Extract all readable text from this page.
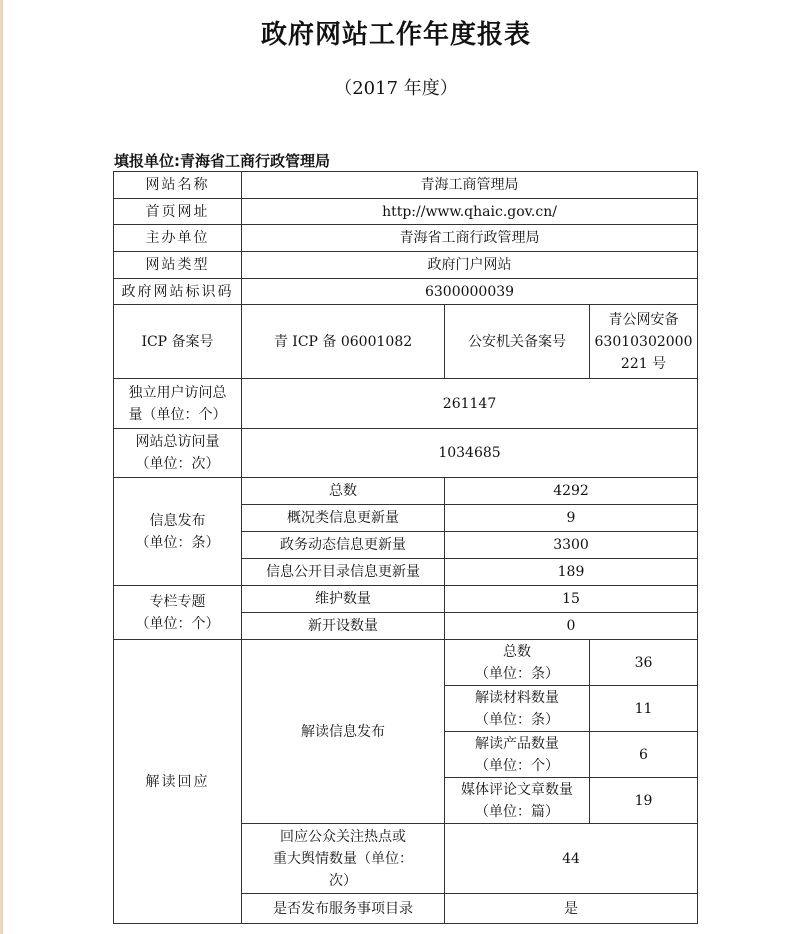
政府网站工作年度报表
（2017 年度）
填报单位:青海省工商行政管理局
网站名称	青海工商管理局		
首页网址	http://www.qhaic.gov.cn/		
主办单位	青海省工商行政管理局		
网站类型	政府门户网站		
政府网站标识码	6300000039		
ICP 备案号	青 ICP 备 06001082	公安机关备案号	青公网安备
63010302000
221 号

独立用户访问总
量（单位：个）	261147		

网站总访问量
（单位：次）	1034685		

信息发布
（单位：条）	总数	4292	
	概况类信息更新量	9	
	政务动态信息更新量	3300	
	信息公开目录信息更新量	189	

专栏专题
（单位：个）	维护数量	15	
	新开设数量	0	
解读回应	解读信息发布	总数
（单位：条）	36

		解读材料数量
（单位：条）	11

		解读产品数量
（单位：个）	6

		媒体评论文章数量
（单位：篇）	19

	回应公众关注热点或
重大舆情数量（单位：
次）	44	
	是否发布服务事项目录	是	
